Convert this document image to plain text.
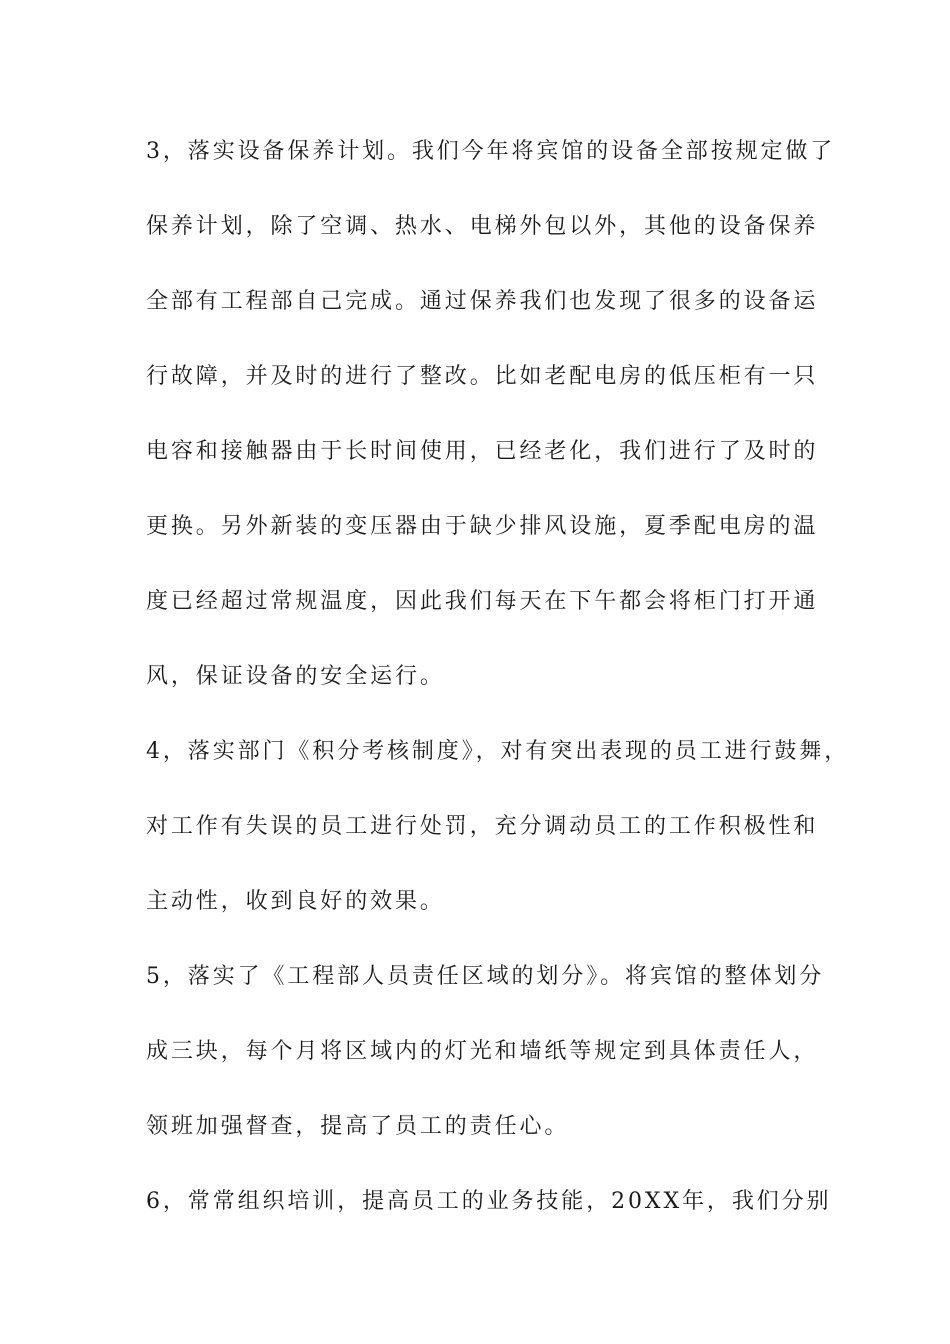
3，落实设备保养计划。我们今年将宾馆的设备全部按规定做了
保养计划，除了空调、热水、电梯外包以外，其他的设备保养
全部有工程部自己完成。通过保养我们也发现了很多的设备运
行故障，并及时的进行了整改。比如老配电房的低压柜有一只
电容和接触器由于长时间使用，已经老化，我们进行了及时的
更换。另外新装的变压器由于缺少排风设施，夏季配电房的温
度已经超过常规温度，因此我们每天在下午都会将柜门打开通
风，保证设备的安全运行。
4，落实部门《积分考核制度》，对有突出表现的员工进行鼓舞，
对工作有失误的员工进行处罚，充分调动员工的工作积极性和
主动性，收到良好的效果。
5，落实了《工程部人员责任区域的划分》。将宾馆的整体划分
成三块，每个月将区域内的灯光和墙纸等规定到具体责任人，
领班加强督查，提高了员工的责任心。
6，常常组织培训，提高员工的业务技能，20XX年，我们分别
